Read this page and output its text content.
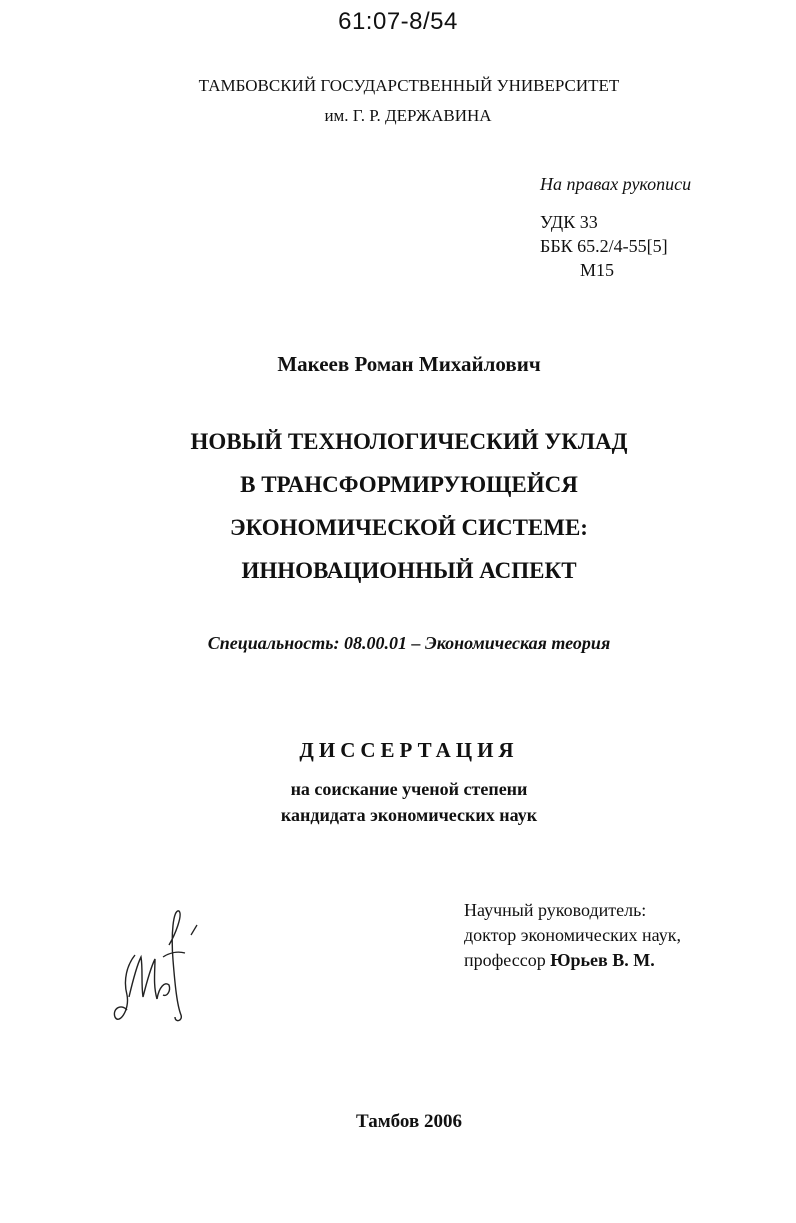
61:07-8/54
ТАМБОВСКИЙ ГОСУДАРСТВЕННЫЙ УНИВЕРСИТЕТ
им. Г. Р. ДЕРЖАВИНА
На правах рукописи
УДК 33
ББК 65.2/4-55[5]
М15
Макеев Роман Михайлович
НОВЫЙ ТЕХНОЛОГИЧЕСКИЙ УКЛАД
В ТРАНСФОРМИРУЮЩЕЙСЯ
ЭКОНОМИЧЕСКОЙ СИСТЕМЕ:
ИННОВАЦИОННЫЙ АСПЕКТ
Специальность: 08.00.01 – Экономическая теория
ДИССЕРТАЦИЯ
на соискание ученой степени
кандидата экономических наук
Научный руководитель:
доктор экономических наук,
профессор Юрьев В. М.
Тамбов 2006
